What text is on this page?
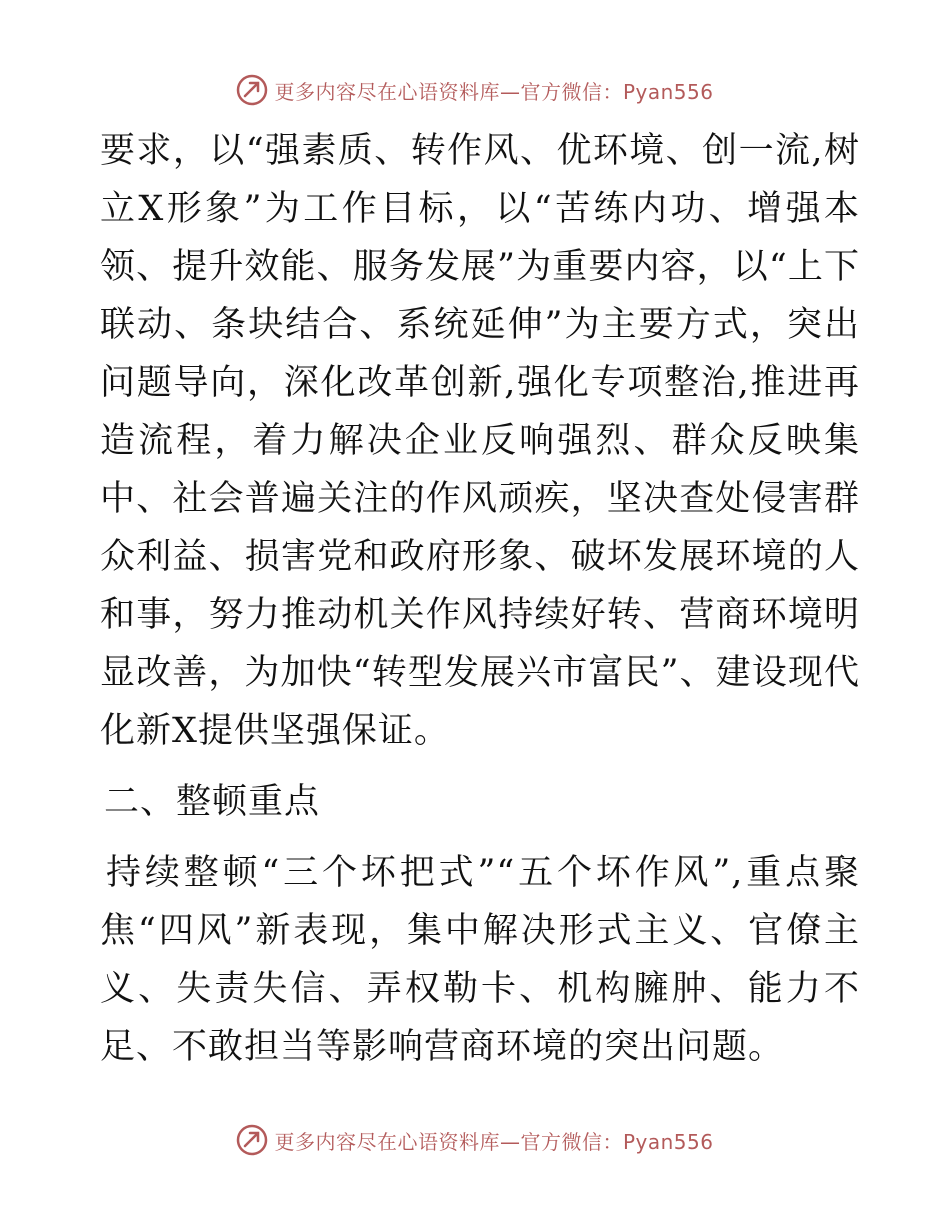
更多内容尽在心语资料库—官方微信：Pyan556

要求，以“强素质、转作风、优环境、创一流,树立X形象”为工作目标，以“苦练内功、增强本领、提升效能、服务发展”为重要内容，以“上下联动、条块结合、系统延伸”为主要方式，突出问题导向，深化改革创新,强化专项整治,推进再造流程，着力解决企业反响强烈、群众反映集中、社会普遍关注的作风顽疾，坚决查处侵害群众利益、损害党和政府形象、破坏发展环境的人和事，努力推动机关作风持续好转、营商环境明显改善，为加快“转型发展兴市富民”、建设现代化新X提供坚强保证。

二、整顿重点

持续整顿“三个坏把式”“五个坏作风”,重点聚焦“四风”新表现，集中解决形式主义、官僚主义、失责失信、弄权勒卡、机构臃肿、能力不足、不敢担当等影响营商环境的突出问题。

更多内容尽在心语资料库—官方微信：Pyan556
